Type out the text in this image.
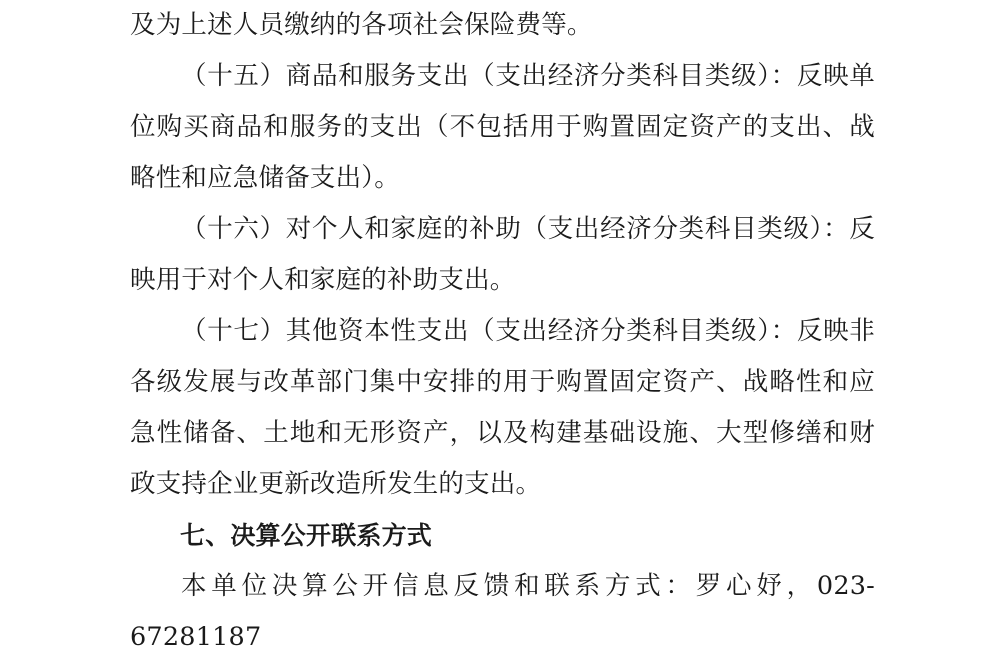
及为上述人员缴纳的各项社会保险费等。

（十五）商品和服务支出（支出经济分类科目类级）：反映单位购买商品和服务的支出（不包括用于购置固定资产的支出、战略性和应急储备支出）。

（十六）对个人和家庭的补助（支出经济分类科目类级）：反映用于对个人和家庭的补助支出。

（十七）其他资本性支出（支出经济分类科目类级）：反映非各级发展与改革部门集中安排的用于购置固定资产、战略性和应急性储备、土地和无形资产，以及构建基础设施、大型修缮和财政支持企业更新改造所发生的支出。

七、决算公开联系方式

本单位决算公开信息反馈和联系方式：罗心妤，023-67281187
